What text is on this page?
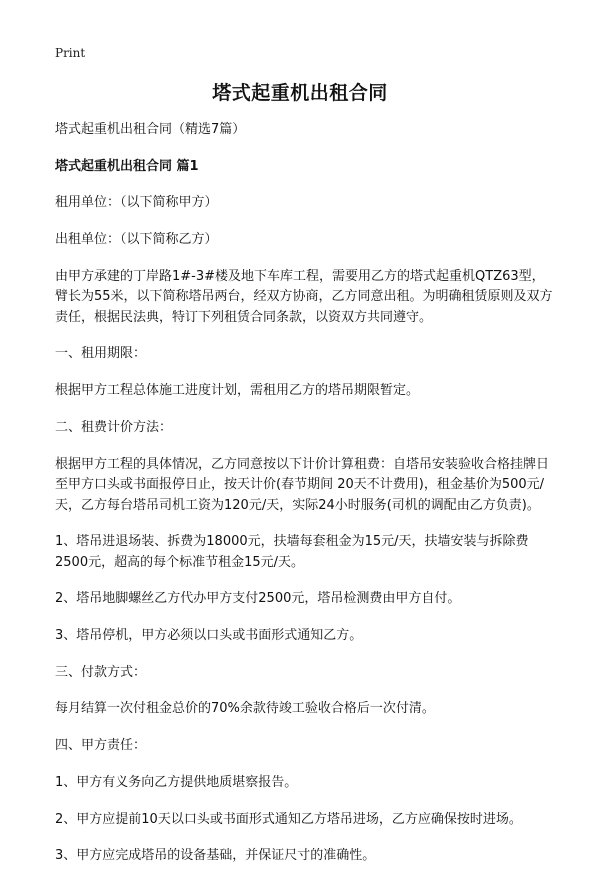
Print
塔式起重机出租合同

塔式起重机出租合同（精选7篇）

塔式起重机出租合同 篇1

租用单位：（以下简称甲方）

出租单位：（以下简称乙方）

由甲方承建的丁岸路1#-3#楼及地下车库工程，需要用乙方的塔式起重机QTZ63型，臂长为55米，以下简称塔吊两台，经双方协商，乙方同意出租。为明确租赁原则及双方责任，根据民法典，特订下列租赁合同条款，以资双方共同遵守。

一、租用期限：

根据甲方工程总体施工进度计划，需租用乙方的塔吊期限暂定。

二、租费计价方法：

根据甲方工程的具体情况，乙方同意按以下计价计算租费：自塔吊安装验收合格挂牌日至甲方口头或书面报停日止，按天计价(春节期间 20天不计费用)，租金基价为500元/天，乙方每台塔吊司机工资为120元/天，实际24小时服务(司机的调配由乙方负责)。

1、塔吊进退场装、拆费为18000元，扶墙每套租金为15元/天，扶墙安装与拆除费2500元，超高的每个标准节租金15元/天。

2、塔吊地脚螺丝乙方代办甲方支付2500元，塔吊检测费由甲方自付。

3、塔吊停机，甲方必须以口头或书面形式通知乙方。

三、付款方式：

每月结算一次付租金总价的70%余款待竣工验收合格后一次付清。

四、甲方责任：

1、甲方有义务向乙方提供地质堪察报告。

2、甲方应提前10天以口头或书面形式通知乙方塔吊进场，乙方应确保按时进场。

3、甲方应完成塔吊的设备基础，并保证尺寸的准确性。
